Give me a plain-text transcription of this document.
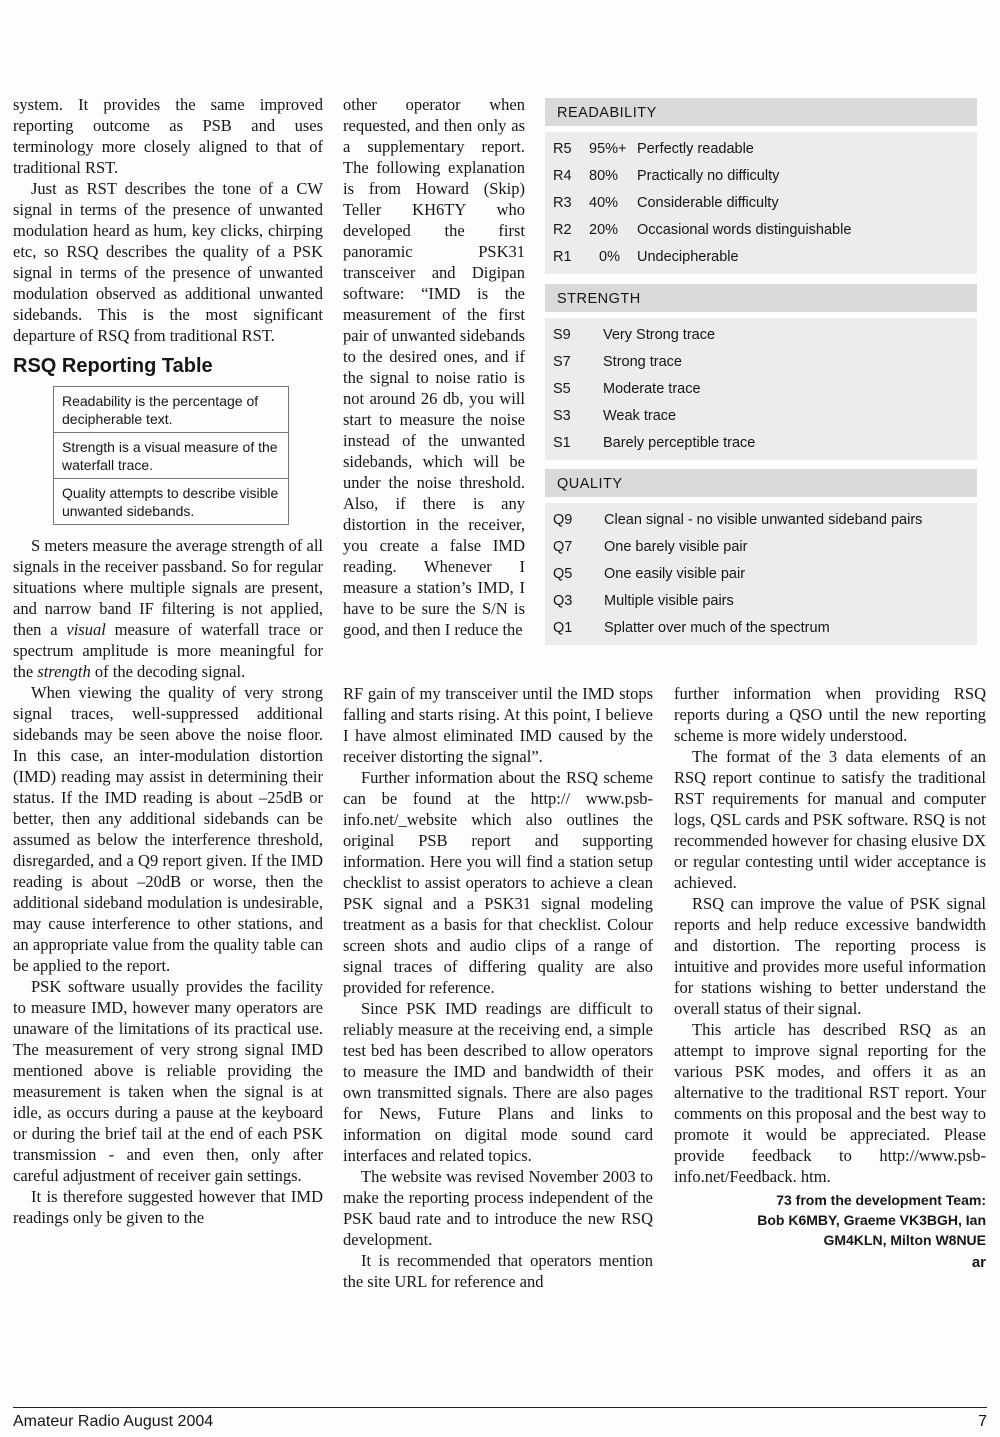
system. It provides the same improved reporting outcome as PSB and uses terminology more closely aligned to that of traditional RST.

Just as RST describes the tone of a CW signal in terms of the presence of unwanted modulation heard as hum, key clicks, chirping etc, so RSQ describes the quality of a PSK signal in terms of the presence of unwanted modulation observed as additional unwanted sidebands. This is the most significant departure of RSQ from traditional RST.

RSQ Reporting Table
Readability is the percentage of decipherable text.
Strength is a visual measure of the waterfall trace.
Quality attempts to describe visible unwanted sidebands.

S meters measure the average strength of all signals in the receiver passband. So for regular situations where multiple signals are present, and narrow band IF filtering is not applied, then a visual measure of waterfall trace or spectrum amplitude is more meaningful for the strength of the decoding signal.

When viewing the quality of very strong signal traces, well-suppressed additional sidebands may be seen above the noise floor. In this case, an inter-modulation distortion (IMD) reading may assist in determining their status. If the IMD reading is about –25dB or better, then any additional sidebands can be assumed as below the interference threshold, disregarded, and a Q9 report given. If the IMD reading is about –20dB or worse, then the additional sideband modulation is undesirable, may cause interference to other stations, and an appropriate value from the quality table can be applied to the report.

PSK software usually provides the facility to measure IMD, however many operators are unaware of the limitations of its practical use. The measurement of very strong signal IMD mentioned above is reliable providing the measurement is taken when the signal is at idle, as occurs during a pause at the keyboard or during the brief tail at the end of each PSK transmission - and even then, only after careful adjustment of receiver gain settings.

It is therefore suggested however that IMD readings only be given to the

other operator when requested, and then only as a supplementary report. The following explanation is from Howard (Skip) Teller KH6TY who developed the first panoramic PSK31 transceiver and Digipan software: “IMD is the measurement of the first pair of unwanted sidebands to the desired ones, and if the signal to noise ratio is not around 26 db, you will start to measure the noise instead of the unwanted sidebands, which will be under the noise threshold. Also, if there is any distortion in the receiver, you create a false IMD reading. Whenever I measure a station’s IMD, I have to be sure the S/N is good, and then I reduce the

RF gain of my transceiver until the IMD stops falling and starts rising. At this point, I believe I have almost eliminated IMD caused by the receiver distorting the signal”.

Further information about the RSQ scheme can be found at the http:// www.psb-info.net/_website which also outlines the original PSB report and supporting information. Here you will find a station setup checklist to assist operators to achieve a clean PSK signal and a PSK31 signal modeling treatment as a basis for that checklist. Colour screen shots and audio clips of a range of signal traces of differing quality are also provided for reference.

Since PSK IMD readings are difficult to reliably measure at the receiving end, a simple test bed has been described to allow operators to measure the IMD and bandwidth of their own transmitted signals. There are also pages for News, Future Plans and links to information on digital mode sound card interfaces and related topics.

The website was revised November 2003 to make the reporting process independent of the PSK baud rate and to introduce the new RSQ development.

It is recommended that operators mention the site URL for reference and

further information when providing RSQ reports during a QSO until the new reporting scheme is more widely understood.

The format of the 3 data elements of an RSQ report continue to satisfy the traditional RST requirements for manual and computer logs, QSL cards and PSK software. RSQ is not recommended however for chasing elusive DX or regular contesting until wider acceptance is achieved.

RSQ can improve the value of PSK signal reports and help reduce excessive bandwidth and distortion. The reporting process is intuitive and provides more useful information for stations wishing to better understand the overall status of their signal.

This article has described RSQ as an attempt to improve signal reporting for the various PSK modes, and offers it as an alternative to the traditional RST report. Your comments on this proposal and the best way to promote it would be appreciated. Please provide feedback to http://www.psb-info.net/Feedback. htm.

73 from the development Team:
Bob K6MBY, Graeme VK3BGH, Ian
GM4KLN, Milton W8NUE
ar
READABILITY
R5	95%+ Perfectly readable
R4	80%	Practically no difficulty
R3	40%	Considerable difficulty
R2	20%	Occasional words distinguishable
R1	0%	Undecipherable
STRENGTH
S9	Very Strong trace
S7	Strong trace
S5	Moderate trace
S3	Weak trace
S1	Barely perceptible trace
QUALITY
Q9	Clean signal - no visible unwanted sideband pairs
Q7	One barely visible pair
Q5	One easily visible pair
Q3	Multiple visible pairs
Q1	Splatter over much of the spectrum
Amateur Radio August 2004	7
